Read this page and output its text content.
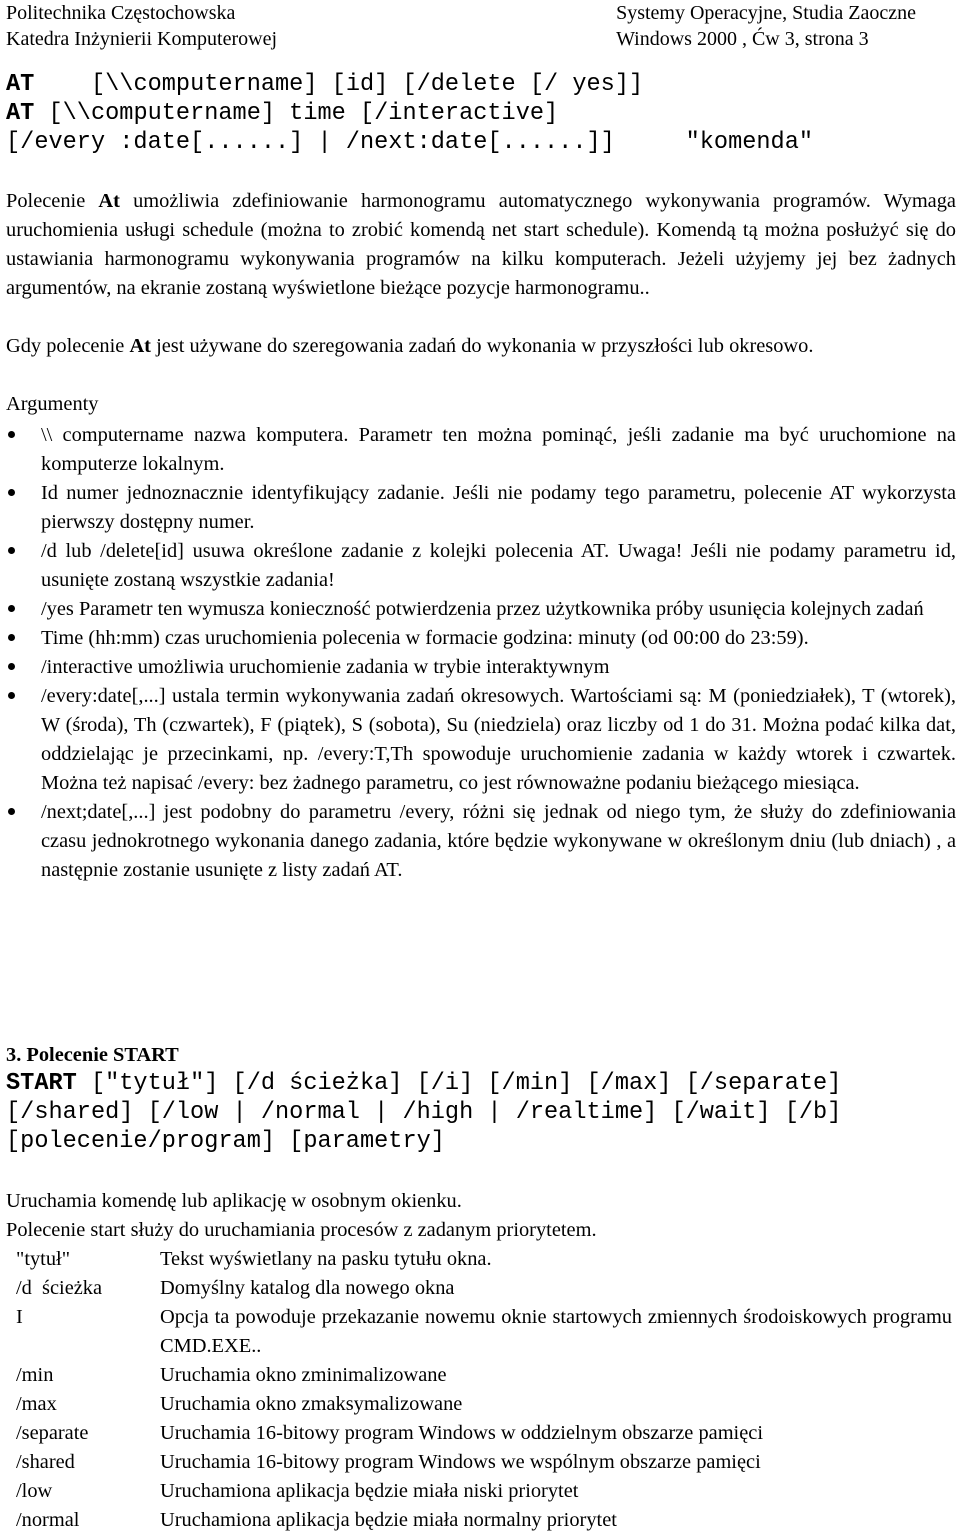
Politechnika Częstochowska
Katedra Inżynierii Komputerowej
Systemy Operacyjne, Studia Zaoczne
Windows 2000 , Ćw 3, strona 3
AT    [\\computername] [id] [/delete [/ yes]]
AT [\\computername] time [/interactive]
[/every :date[......] | /next:date[......]]     "komenda"
Polecenie At umożliwia zdefiniowanie harmonogramu automatycznego wykonywania programów. Wymaga uruchomienia usługi schedule (można to zrobić komendą net start schedule). Komendą tą można posłużyć się do ustawiania harmonogramu wykonywania programów na kilku komputerach. Jeżeli użyjemy jej bez żadnych argumentów, na ekranie zostaną wyświetlone bieżące pozycje harmonogramu..
Gdy polecenie At jest używane do szeregowania zadań do wykonania w przyszłości lub okresowo.
Argumenty
\\ computername nazwa komputera. Parametr ten można pominąć, jeśli zadanie ma być uruchomione na komputerze lokalnym.
Id numer jednoznacznie identyfikujący zadanie. Jeśli nie podamy tego parametru, polecenie AT wykorzysta pierwszy dostępny numer.
/d lub /delete[id] usuwa określone zadanie z kolejki polecenia AT. Uwaga! Jeśli nie podamy parametru id, usunięte zostaną wszystkie zadania!
/yes Parametr ten wymusza konieczność potwierdzenia przez użytkownika próby usunięcia kolejnych zadań
Time (hh:mm) czas uruchomienia polecenia w formacie godzina: minuty (od 00:00 do 23:59).
/interactive umożliwia uruchomienie zadania w trybie interaktywnym
/every:date[,...] ustala termin wykonywania zadań okresowych. Wartościami są: M (poniedziałek), T (wtorek), W (środa), Th (czwartek), F (piątek), S (sobota), Su (niedziela) oraz liczby od 1 do 31. Można podać kilka dat, oddzielając je przecinkami, np. /every:T,Th spowoduje uruchomienie zadania w każdy wtorek i czwartek. Można też napisać /every: bez żadnego parametru, co jest równoważne podaniu bieżącego miesiąca.
/next;date[,...] jest podobny do parametru /every, różni się jednak od niego tym, że służy do zdefiniowania czasu jednokrotnego wykonania danego zadania, które będzie wykonywane w określonym dniu (lub dniach) , a następnie zostanie usunięte z listy zadań AT.
3. Polecenie START
START ["tytuł"] [/d ścieżka] [/i] [/min] [/max] [/separate]
[/shared] [/low | /normal | /high | /realtime] [/wait] [/b]
[polecenie/program] [parametry]
Uruchamia komendę lub aplikację w osobnym okienku.
Polecenie start służy do uruchamiania procesów z zadanym priorytetem.
"tytuł"	Tekst wyświetlany na pasku tytułu okna.
/d  ścieżka	Domyślny katalog dla nowego okna
I	Opcja ta powoduje przekazanie nowemu oknie startowych zmiennych środoiskowych programu CMD.EXE..
/min	Uruchamia okno zminimalizowane
/max	Uruchamia okno zmaksymalizowane
/separate	Uruchamia 16-bitowy program Windows w oddzielnym obszarze pamięci
/shared	Uruchamia 16-bitowy program Windows we wspólnym obszarze pamięci
/low	Uruchamiona aplikacja będzie miała niski priorytet
/normal	Uruchamiona aplikacja będzie miała normalny priorytet
